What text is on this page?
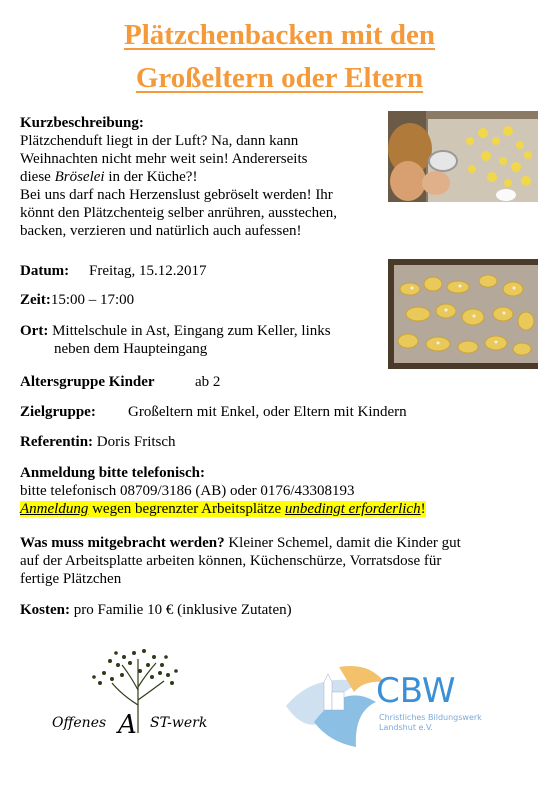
Plätzchenbacken mit den
Großeltern oder Eltern
Kurzbeschreibung:
Plätzchenduft liegt in der Luft? Na, dann kann
Weihnachten nicht mehr weit sein! Andererseits
diese Bröselei in der Küche?!
Bei uns darf nach Herzenslust gebröselt werden! Ihr
könnt den Plätzchenteig selber anrühren, ausstechen,
backen, verzieren und natürlich auch aufessen!
Datum: Freitag, 15.12.2017
Zeit:15:00 – 17:00
Ort: Mittelschule in Ast, Eingang zum Keller, links
neben dem Haupteingang
Altersgruppe Kinder	ab 2
Zielgruppe: Großeltern mit Enkel, oder Eltern mit Kindern
Referentin: Doris Fritsch
Anmeldung bitte telefonisch:
bitte telefonisch 08709/3186 (AB) oder 0176/43308193
Anmeldung wegen begrenzter Arbeitsplätze unbedingt erforderlich!
Was muss mitgebracht werden? Kleiner Schemel, damit die Kinder gut
auf der Arbeitsplatte arbeiten können, Küchenschürze, Vorratsdose für
fertige Plätzchen
Kosten: pro Familie 10 € (inklusive Zutaten)
Offenes A ST-werk
CBW
Christliches Bildungswerk
Landshut e.V.
